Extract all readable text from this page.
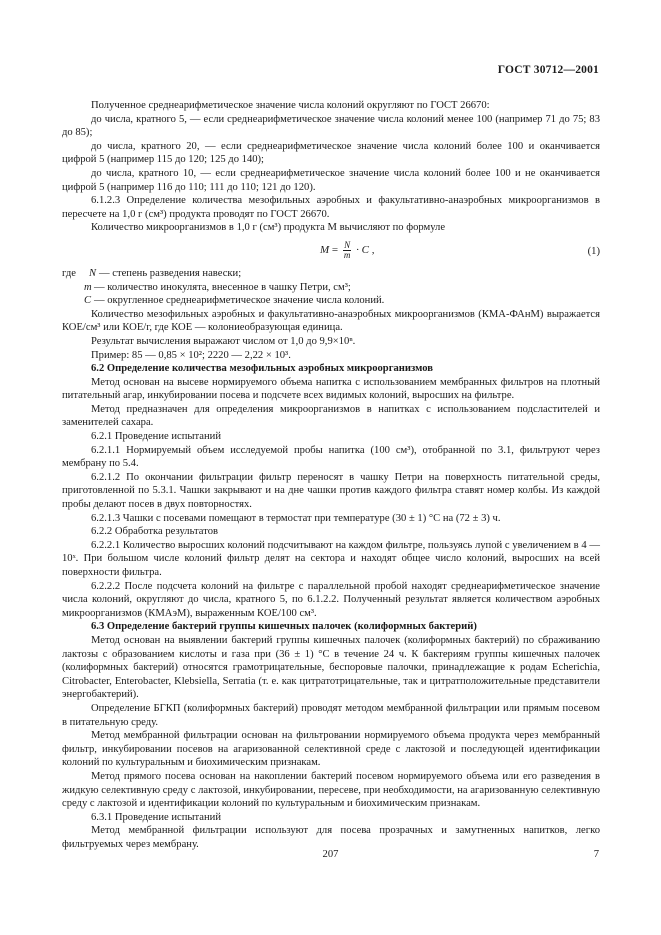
ГОСТ 30712—2001

Полученное среднеарифметическое значение числа колоний округляют по ГОСТ 26670:

до числа, кратного 5, — если среднеарифметическое значение числа колоний менее 100 (например 71 до 75; 83 до 85);

до числа, кратного 20, — если среднеарифметическое значение числа колоний более 100 и оканчивается цифрой 5 (например 115 до 120; 125 до 140);

до числа, кратного 10, — если среднеарифметическое значение числа колоний более 100 и не оканчивается цифрой 5 (например 116 до 110; 111 до 110; 121 до 120).

6.1.2.3 Определение количества мезофильных аэробных и факультативно-анаэробных микроорганизмов в пересчете на 1,0 г (см³) продукта проводят по ГОСТ 26670.

Количество микроорганизмов в 1,0 г (см³) продукта M вычисляют по формуле

$M = \frac{N}{m} \cdot C$ ,	(1)
где	N — степень разведения навески;
m — количество инокулята, внесенное в чашку Петри, см³;
C — округленное среднеарифметическое значение числа колоний.

Количество мезофильных аэробных и факультативно-анаэробных микроорганизмов (КМА-ФАнМ) выражается КОЕ/см³ или КОЕ/г, где КОЕ — колониеобразующая единица.

Результат вычисления выражают числом от 1,0 до 9,9×10ⁿ.

Пример: 85 — 0,85 × 10²; 2220 — 2,22 × 10³.

6.2 Определение количества мезофильных аэробных микроорганизмов

Метод основан на высеве нормируемого объема напитка с использованием мембранных фильтров на плотный питательный агар, инкубировании посева и подсчете всех видимых колоний, выросших на фильтре.

Метод предназначен для определения микроорганизмов в напитках с использованием подсластителей и заменителей сахара.

6.2.1 Проведение испытаний

6.2.1.1 Нормируемый объем исследуемой пробы напитка (100 см³), отобранной по 3.1, фильтруют через мембрану по 5.4.

6.2.1.2 По окончании фильтрации фильтр переносят в чашку Петри на поверхность питательной среды, приготовленной по 5.3.1. Чашки закрывают и на дне чашки против каждого фильтра ставят номер колбы. Из каждой пробы делают посев в двух повторностях.

6.2.1.3 Чашки с посевами помещают в термостат при температуре (30 ± 1) °С на (72 ± 3) ч.

6.2.2 Обработка результатов

6.2.2.1 Количество выросших колоний подсчитывают на каждом фильтре, пользуясь лупой с увеличением в 4 — 10ˣ. При большом числе колоний фильтр делят на сектора и находят общее число колоний, выросших на всей поверхности фильтра.

6.2.2.2 После подсчета колоний на фильтре с параллельной пробой находят среднеарифметическое значение числа колоний, округляют до числа, кратного 5, по 6.1.2.2. Полученный результат является количеством аэробных микроорганизмов (КМАэМ), выраженным КОЕ/100 см³.

6.3 Определение бактерий группы кишечных палочек (колиформных бактерий)

Метод основан на выявлении бактерий группы кишечных палочек (колиформных бактерий) по сбраживанию лактозы с образованием кислоты и газа при (36 ± 1) °С в течение 24 ч. К бактериям группы кишечных палочек (колиформных бактерий) относятся грамотрицательные, беспоровые палочки, принадлежащие к родам Echerichia, Citrobacter, Enterobacter, Klebsiella, Serratia (т. е. как цитратотрицательные, так и цитратположительные представители энергобактерий).

Определение БГКП (колиформных бактерий) проводят методом мембранной фильтрации или прямым посевом в питательную среду.

Метод мембранной фильтрации основан на фильтровании нормируемого объема продукта через мембранный фильтр, инкубировании посевов на агаризованной селективной среде с лактозой и последующей идентификации колоний по культуральным и биохимическим признакам.

Метод прямого посева основан на накоплении бактерий посевом нормируемого объема или его разведения в жидкую селективную среду с лактозой, инкубировании, пересеве, при необходимости, на агаризованную селективную среду с лактозой и идентификации колоний по культуральным и биохимическим признакам.

6.3.1 Проведение испытаний

Метод мембранной фильтрации используют для посева прозрачных и замутненных напитков, легко фильтруемых через мембрану.

207	7
